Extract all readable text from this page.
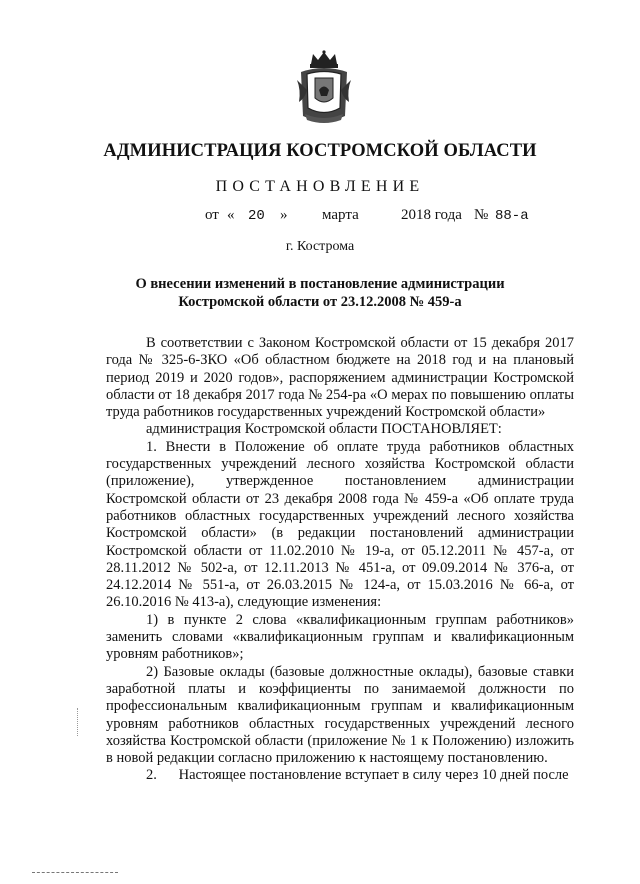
АДМИНИСТРАЦИЯ КОСТРОМСКОЙ ОБЛАСТИ
ПОСТАНОВЛЕНИЕ
от « 20 » марта	2018 года № 88-а
г. Кострома
О внесении изменений в постановление администрации Костромской области от 23.12.2008 № 459-а

В соответствии с Законом Костромской области от 15 декабря 2017 года № 325-6-ЗКО «Об областном бюджете на 2018 год и на плановый период 2019 и 2020 годов», распоряжением администрации Костромской области от 18 декабря 2017 года № 254-ра «О мерах по повышению оплаты труда работников государственных учреждений Костромской области»

администрация Костромской области ПОСТАНОВЛЯЕТ:

1. Внести в Положение об оплате труда работников областных государственных учреждений лесного хозяйства Костромской области (приложение), утвержденное постановлением администрации Костромской области от 23 декабря 2008 года № 459-а «Об оплате труда работников областных государственных учреждений лесного хозяйства Костромской области» (в редакции постановлений администрации Костромской области от 11.02.2010 № 19-а, от 05.12.2011 № 457-а, от 28.11.2012 № 502-а, от 12.11.2013 № 451-а, от 09.09.2014 № 376-а, от 24.12.2014 № 551-а, от 26.03.2015 № 124-а, от 15.03.2016 № 66-а, от 26.10.2016 № 413-а), следующие изменения:

1) в пункте 2 слова «квалификационным группам работников» заменить словами «квалификационным группам и квалификационным уровням работников»;

2) Базовые оклады (базовые должностные оклады), базовые ставки заработной платы и коэффициенты по занимаемой должности по профессиональным квалификационным группам и квалификационным уровням работников областных государственных учреждений лесного хозяйства Костромской области (приложение № 1 к Положению) изложить в новой редакции согласно приложению к настоящему постановлению.

2.      Настоящее постановление вступает в силу через 10 дней после
